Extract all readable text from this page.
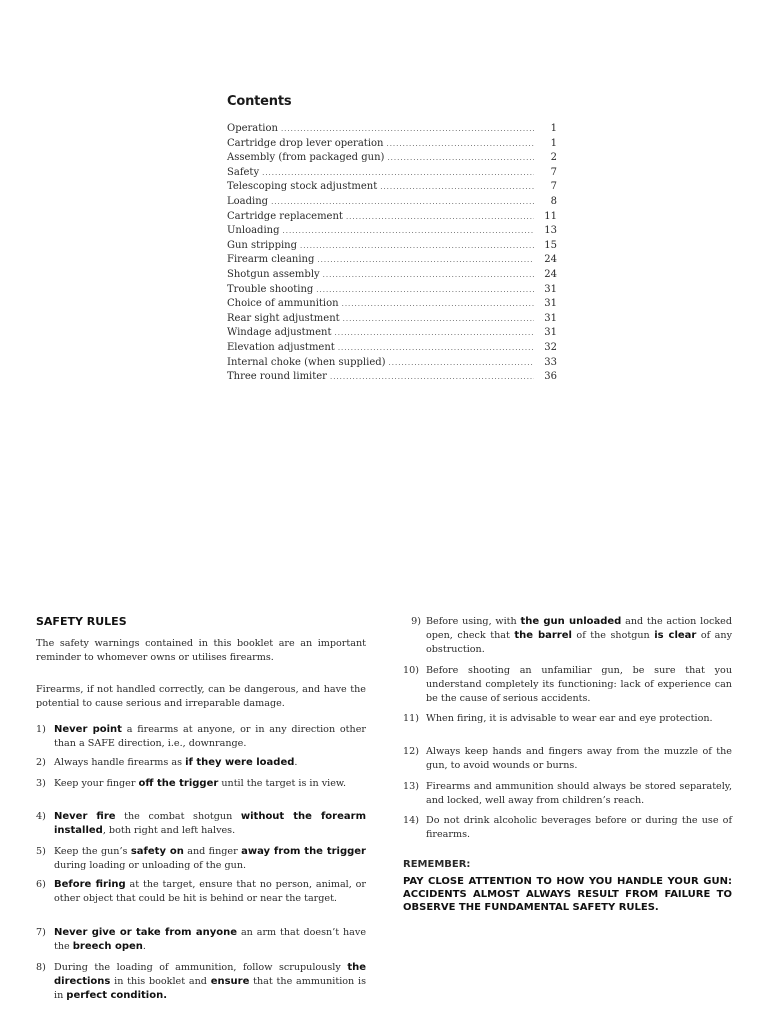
Contents
Operation .....	1
Cartridge drop lever operation .....	1
Assembly (from packaged gun) .....	2
Safety .....	7
Telescoping stock adjustment .....	7
Loading .....	8
Cartridge replacement .....	11
Unloading .....	13
Gun stripping .....	15
Firearm cleaning .....	24
Shotgun assembly .....	24
Trouble shooting .....	31
Choice of ammunition .....	31
Rear sight adjustment .....	31
Windage adjustment .....	31
Elevation adjustment .....	32
Internal choke (when supplied) .....	33
Three round limiter .....	36
SAFETY RULES

The safety warnings contained in this booklet are an important reminder to whomever owns or utilises firearms.

Firearms, if not handled correctly, can be dangerous, and have the potential to cause serious and irreparable damage.

1) Never point a firearms at anyone, or in any direction other than a SAFE direction, i.e., downrange.
2) Always handle firearms as if they were loaded.
3) Keep your finger off the trigger until the target is in view.
4) Never fire the combat shotgun without the forearm installed, both right and left halves.
5) Keep the gun’s safety on and finger away from the trigger during loading or unloading of the gun.
6) Before firing at the target, ensure that no person, animal, or other object that could be hit is behind or near the target.
7) Never give or take from anyone an arm that doesn’t have the breech open.
8) During the loading of ammunition, follow scrupulously the directions in this booklet and ensure that the ammunition is in perfect condition.
9) Before using, with the gun unloaded and the action locked open, check that the barrel of the shotgun is clear of any obstruction.
10) Before shooting an unfamiliar gun, be sure that you understand completely its functioning: lack of experience can be the cause of serious accidents.
11) When firing, it is advisable to wear ear and eye protection.
12) Always keep hands and fingers away from the muzzle of the gun, to avoid wounds or burns.
13) Firearms and ammunition should always be stored separately, and locked, well away from children’s reach.
14) Do not drink alcoholic beverages before or during the use of firearms.
REMEMBER:
PAY CLOSE ATTENTION TO HOW YOU HANDLE YOUR GUN: ACCIDENTS ALMOST ALWAYS RESULT FROM FAILURE TO OBSERVE THE FUNDAMENTAL SAFETY RULES.
